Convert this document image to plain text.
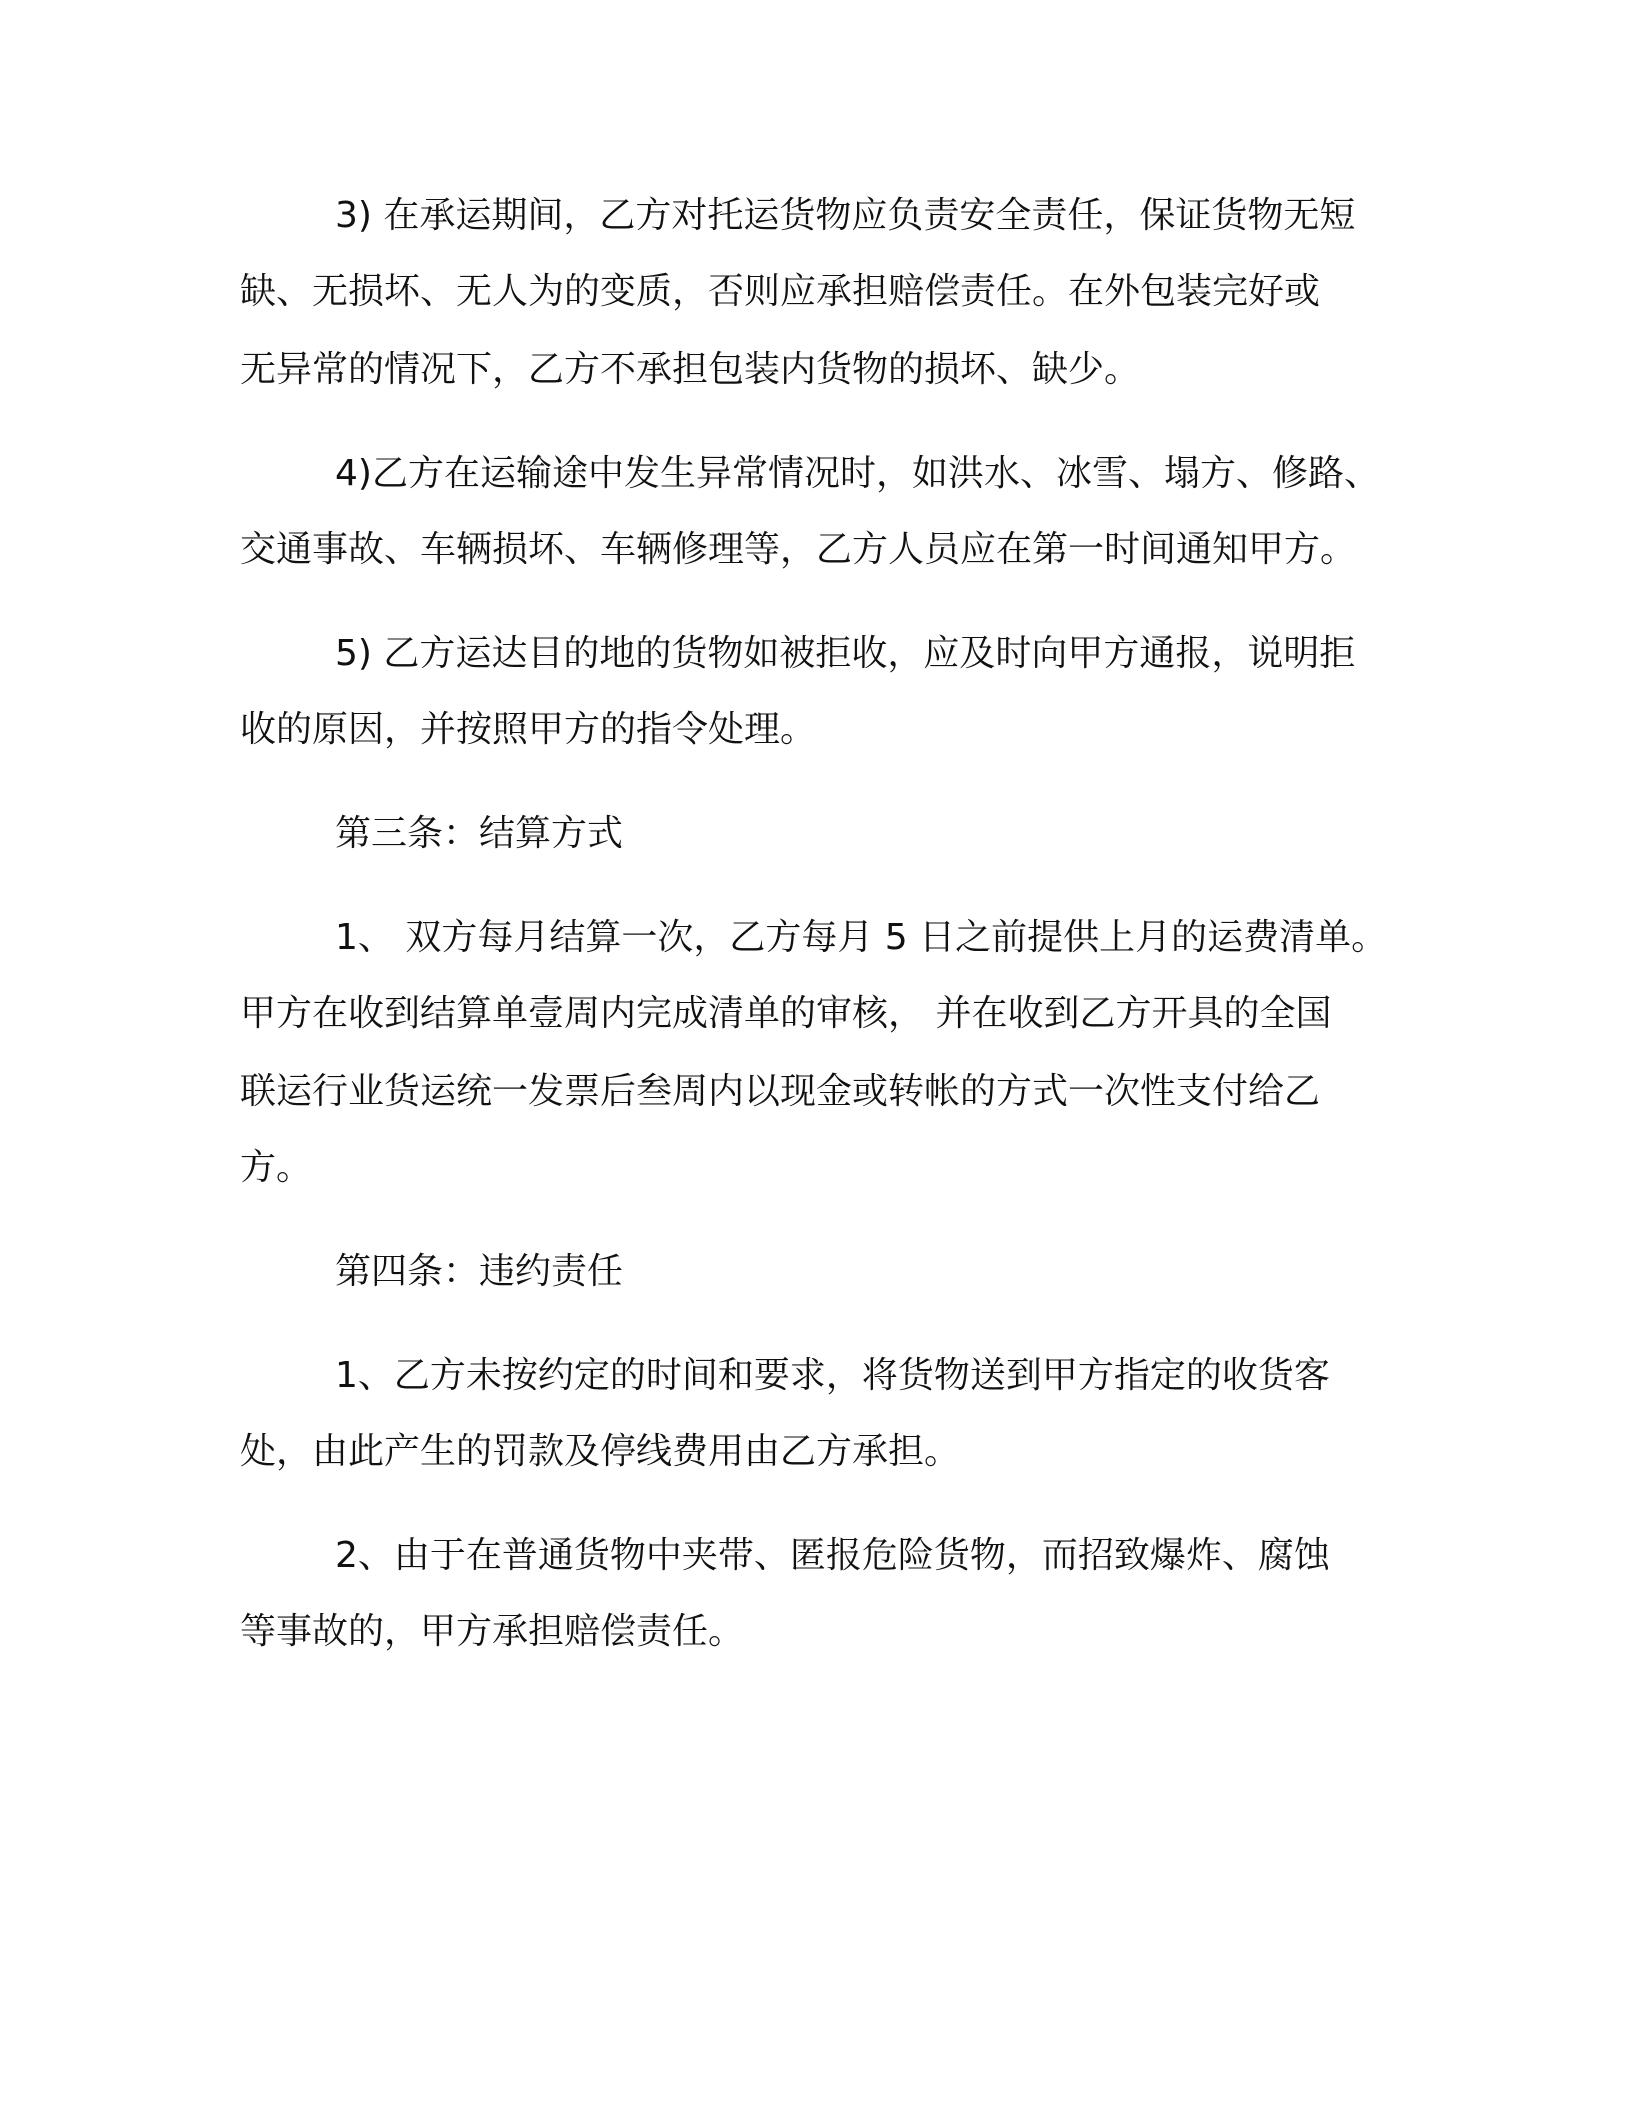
3) 在承运期间，乙方对托运货物应负责安全责任，保证货物无短
缺、无损坏、无人为的变质，否则应承担赔偿责任。在外包装完好或
无异常的情况下，乙方不承担包装内货物的损坏、缺少。
4)乙方在运输途中发生异常情况时，如洪水、冰雪、塌方、修路、
交通事故、车辆损坏、车辆修理等，乙方人员应在第一时间通知甲方。
5) 乙方运达目的地的货物如被拒收，应及时向甲方通报，说明拒
收的原因，并按照甲方的指令处理。
第三条：结算方式
1、 双方每月结算一次，乙方每月 5 日之前提供上月的运费清单。
甲方在收到结算单壹周内完成清单的审核， 并在收到乙方开具的全国
联运行业货运统一发票后叁周内以现金或转帐的方式一次性支付给乙
方。
第四条：违约责任
1、乙方未按约定的时间和要求，将货物送到甲方指定的收货客
处，由此产生的罚款及停线费用由乙方承担。
2、由于在普通货物中夹带、匿报危险货物，而招致爆炸、腐蚀
等事故的，甲方承担赔偿责任。
